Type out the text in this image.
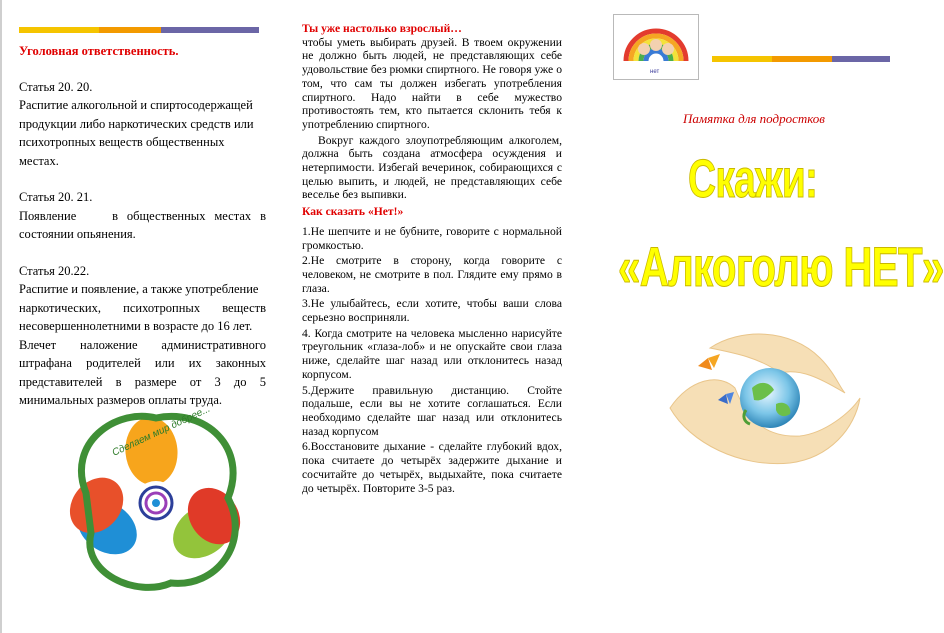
Уголовная ответственность.

Статья 20. 20.

Распитие алкогольной и спиртосодержащей

продукции либо наркотических средств или

психотропных веществ общественных

местах.

Статья 20. 21.

Появление    в общественных местах в

состоянии опьянения.

Статья 20.22.

Распитие и появление, а также употребление

наркотических, психотропных веществ

несовершеннолетними в возрасте до 16 лет.

Влечет наложение административного

штрафана родителей или их законных

представителей в размере от 3 до 5

минимальных размеров оплаты труда.

Сделаем мир добрее...

Ты уже настолько взрослый…

чтобы уметь выбирать друзей. В твоем окружении не должно быть людей, не представляющих себе удовольствие без рюмки спиртного. Не говоря уже о том, что сам ты должен избегать употребления спиртного. Надо найти в себе мужество противостоять тем, кто пытается склонить тебя к употреблению спиртного.

Вокруг каждого злоупотребляющим алкоголем, должна быть создана атмосфера осуждения и нетерпимости. Избегай вечеринок, собирающихся с целью выпить, и людей, не представляющих себе веселье без выпивки.

Как сказать «Нет!»

1.Не шепчите и не бубните, говорите с нормальной громкостью.

2.Не смотрите в сторону, когда говорите с человеком, не смотрите в пол. Глядите ему прямо в глаза.

3.Не улыбайтесь, если хотите, чтобы ваши слова серьезно восприняли.

4. Когда смотрите на человека мысленно нарисуйте треугольник «глаза-лоб» и не опускайте свои глаза ниже, сделайте шаг назад или отклонитесь назад корпусом.

5.Держите правильную дистанцию. Стойте подальше, если вы не хотите соглашаться. Если необходимо сделайте шаг назад или отклонитесь назад корпусом

6.Восстановите дыхание - сделайте глубокий вдох, пока считаете до четырёх задержите дыхание и сосчитайте до четырёх, выдыхайте, пока считаете до четырёх. Повторите 3-5 раз.

нет
Памятка для подростков
Скажи:
«Алкоголю НЕТ»
